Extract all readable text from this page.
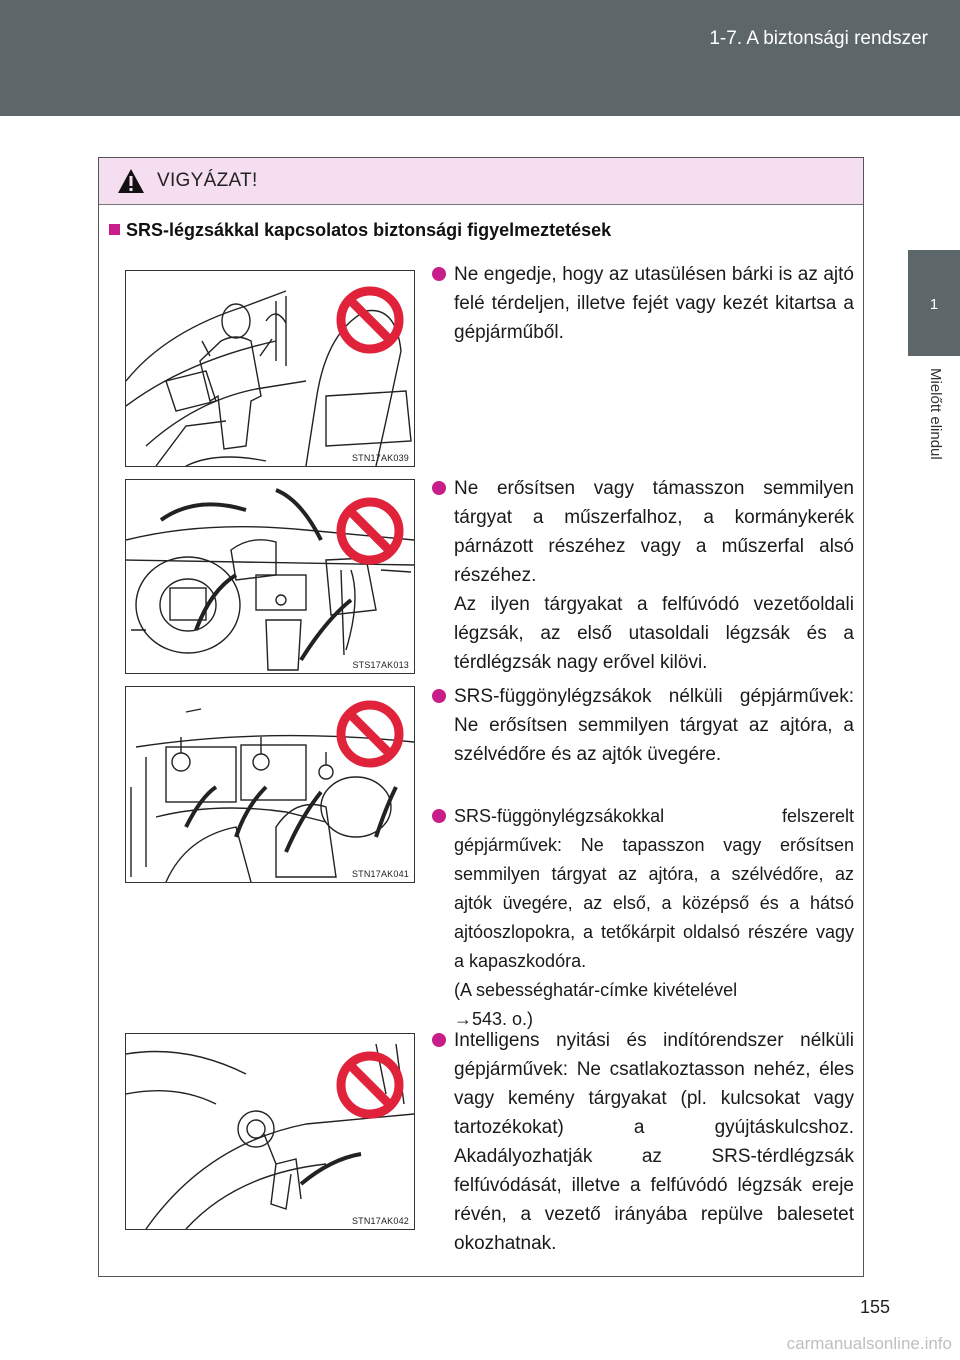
1-7. A biztonsági rendszer
1
Mielőtt elindul
VIGYÁZAT!
SRS-légzsákkal kapcsolatos biztonsági figyelmeztetések
STN17AK039
STS17AK013
STN17AK041
STN17AK042

Ne engedje, hogy az utasülésen bárki is az ajtó felé térdeljen, illetve fejét vagy kezét kitartsa a gépjárműből.

Ne erősítsen vagy támasszon semmilyen tárgyat a műszerfalhoz, a kormánykerék párnázott részéhez vagy a műszerfal alsó részéhez.

Az ilyen tárgyakat a felfúvódó vezetőoldali légzsák, az első utasoldali légzsák és a térdlégzsák nagy erővel kilövi.

SRS-függönylégzsákok nélküli gépjárművek: Ne erősítsen semmilyen tárgyat az ajtóra, a szélvédőre és az ajtók üvegére.

SRS-függönylégzsákokkal felszerelt gépjárművek: Ne tapasszon vagy erősítsen semmilyen tárgyat az ajtóra, a szélvédőre, az ajtók üvegére, az első, a középső és a hátsó ajtóoszlopokra, a tetőkárpit oldalsó részére vagy a kapaszkodóra.

(A sebességhatár-címke kivételével

→543. o.)

Intelligens nyitási és indítórendszer nélküli gépjárművek: Ne csatlakoztasson nehéz, éles vagy kemény tárgyakat (pl. kulcsokat vagy tartozékokat) a gyújtáskulcshoz. Akadályozhatják az SRS-térdlégzsák felfúvódását, illetve a felfúvódó légzsák ereje révén, a vezető irányába repülve balesetet okozhatnak.

155
carmanualsonline.info
